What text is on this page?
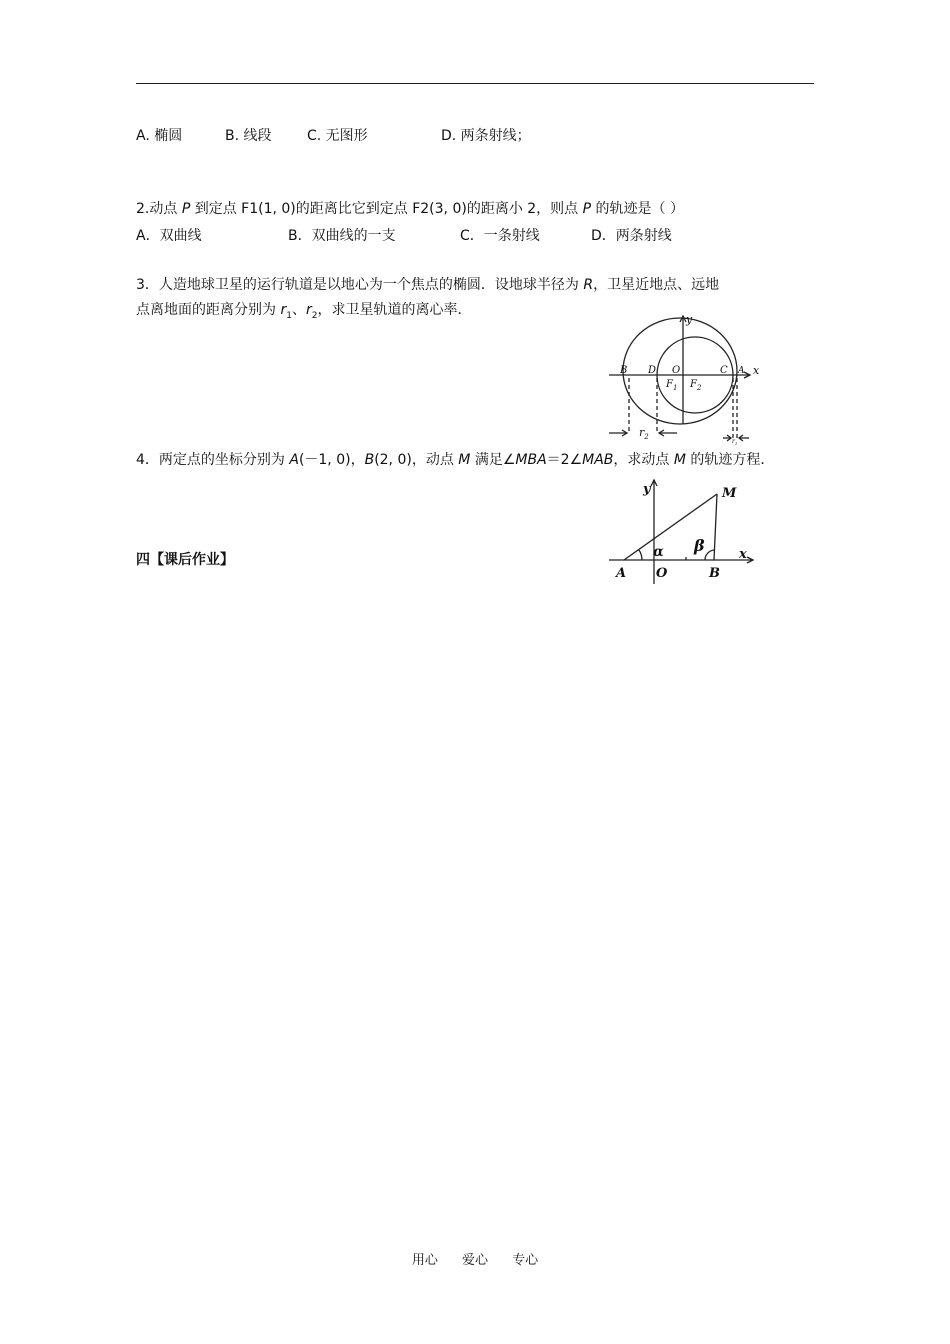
A. 椭圆	B. 线段	C. 无图形	D. 两条射线；
2.动点 P 到定点 F1(1, 0)的距离比它到定点 F2(3, 0)的距离小 2，则点 P 的轨迹是（ ）
A．双曲线	B．双曲线的一支	C．一条射线	D．两条射线
3．人造地球卫星的运行轨道是以地心为一个焦点的椭圆．设地球半径为 R，卫星近地点、远地
点离地面的距离分别为 $r_1$、$r_2$，求卫星轨道的离心率．
y
x
B D O	C A
$F_1$ $F_2$
$r_2$
$r_1$
4．两定点的坐标分别为 A(－1, 0)，B(2, 0)，动点 M 满足∠MBA＝2∠MAB，求动点 M 的轨迹方程．
y	M
x
α β
A O	B
四【课后作业】
用心 爱心 专心
